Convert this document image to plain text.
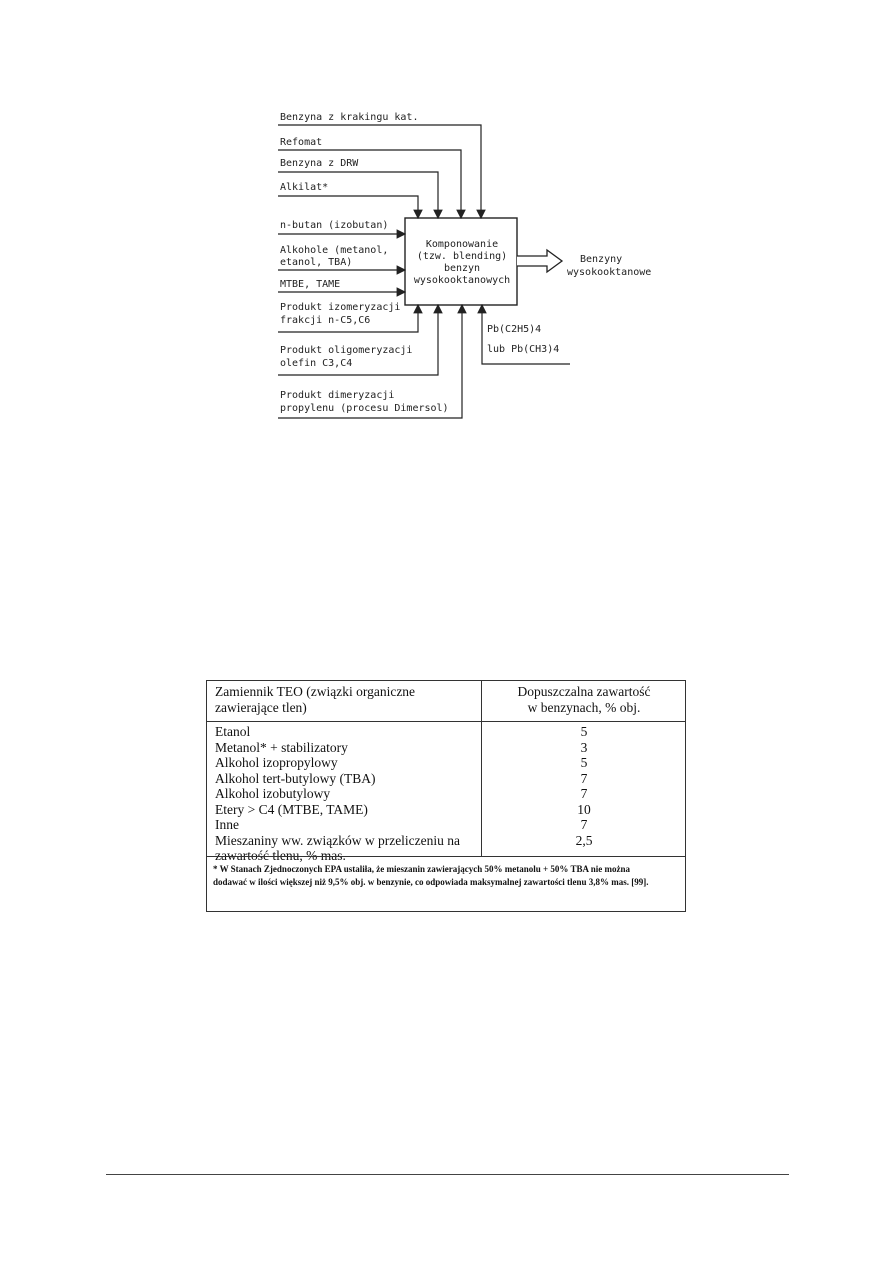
Komponowanie
(tzw. blending)
benzyn
wysokooktanowych
Benzyna z krakingu kat.
Refomat
Benzyna z DRW
Alkilat*
n-butan (izobutan)
Alkohole (metanol,
etanol, TBA)
MTBE, TAME
Produkt izomeryzacji
frakcji n-C5,C6
Produkt oligomeryzacji
olefin C3,C4
Produkt dimeryzacji
propylenu (procesu Dimersol)
Pb(C2H5)4
lub Pb(CH3)4
Benzyny
wysokooktanowe
Zamiennik TEO (związki organiczne
zawierające tlen)
Dopuszczalna zawartość
w benzynach, % obj.
Etanol	5
Metanol* + stabilizatory	3
Alkohol izopropylowy	5
Alkohol tert-butylowy (TBA)	7
Alkohol izobutylowy	7
Etery > C4 (MTBE, TAME)	10
Inne	7
Mieszaniny ww. związków w przeliczeniu na	2,5
zawartość tlenu, % mas.
* W Stanach Zjednoczonych EPA ustaliła, że mieszanin zawierających 50% metanolu + 50% TBA nie można
dodawać w ilości większej niż 9,5% obj. w benzynie, co odpowiada maksymalnej zawartości tlenu 3,8% mas. [99].
